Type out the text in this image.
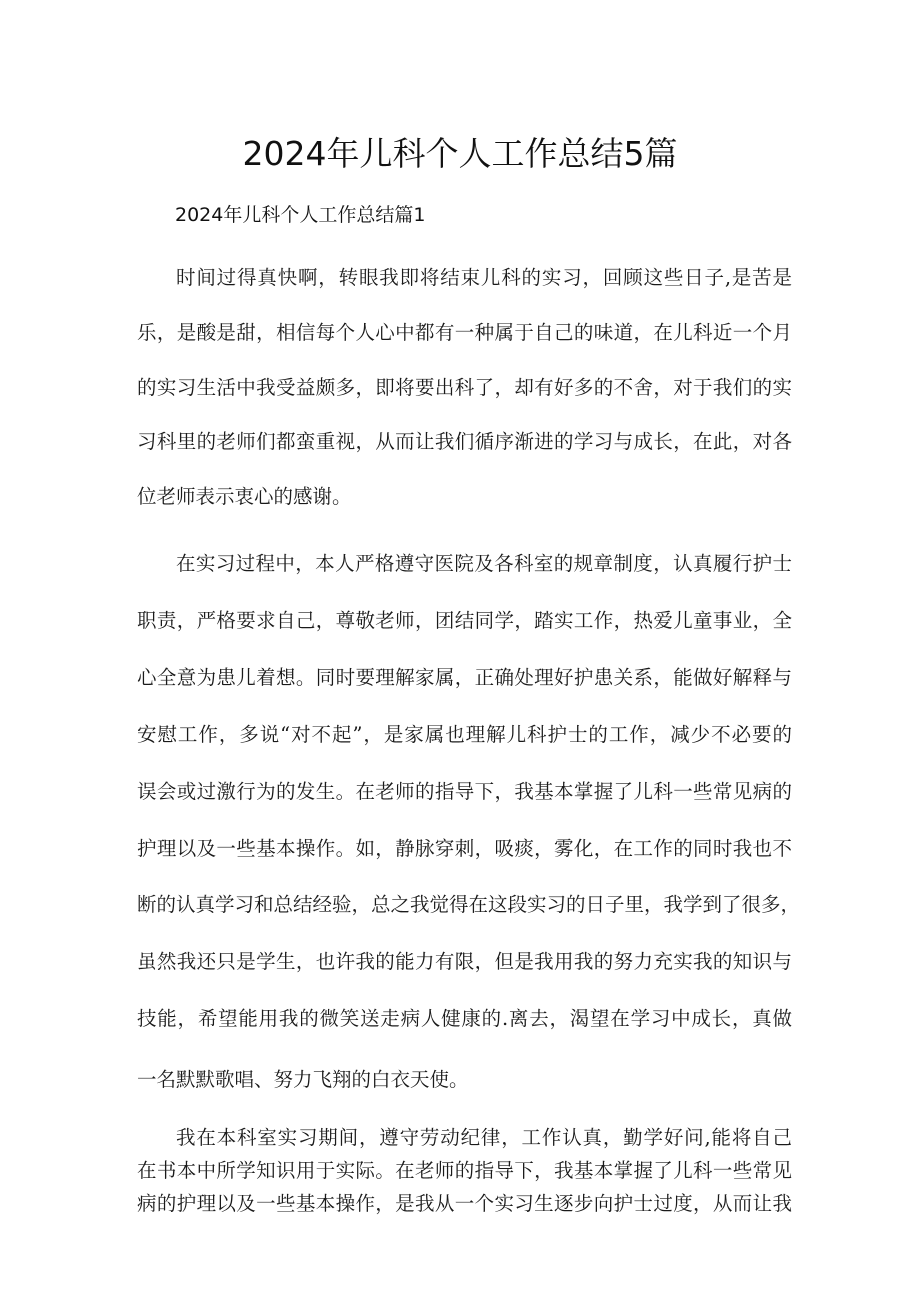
2024年儿科个人工作总结5篇
2024年儿科个人工作总结篇1
时间过得真快啊，转眼我即将结束儿科的实习，回顾这些日子,是苦是
乐，是酸是甜，相信每个人心中都有一种属于自己的味道，在儿科近一个月
的实习生活中我受益颇多，即将要出科了，却有好多的不舍，对于我们的实
习科里的老师们都蛮重视，从而让我们循序渐进的学习与成长，在此，对各
位老师表示衷心的感谢。
在实习过程中，本人严格遵守医院及各科室的规章制度，认真履行护士
职责，严格要求自己，尊敬老师，团结同学，踏实工作，热爱儿童事业，全
心全意为患儿着想。同时要理解家属，正确处理好护患关系，能做好解释与
安慰工作，多说“对不起”，是家属也理解儿科护士的工作，减少不必要的
误会或过激行为的发生。在老师的指导下，我基本掌握了儿科一些常见病的
护理以及一些基本操作。如，静脉穿刺，吸痰，雾化，在工作的同时我也不
断的认真学习和总结经验，总之我觉得在这段实习的日子里，我学到了很多，
虽然我还只是学生，也许我的能力有限，但是我用我的努力充实我的知识与
技能，希望能用我的微笑送走病人健康的.离去，渴望在学习中成长，真做
一名默默歌唱、努力飞翔的白衣天使。
我在本科室实习期间，遵守劳动纪律，工作认真，勤学好问,能将自己
在书本中所学知识用于实际。在老师的指导下，我基本掌握了儿科一些常见
病的护理以及一些基本操作，是我从一个实习生逐步向护士过度，从而让我
